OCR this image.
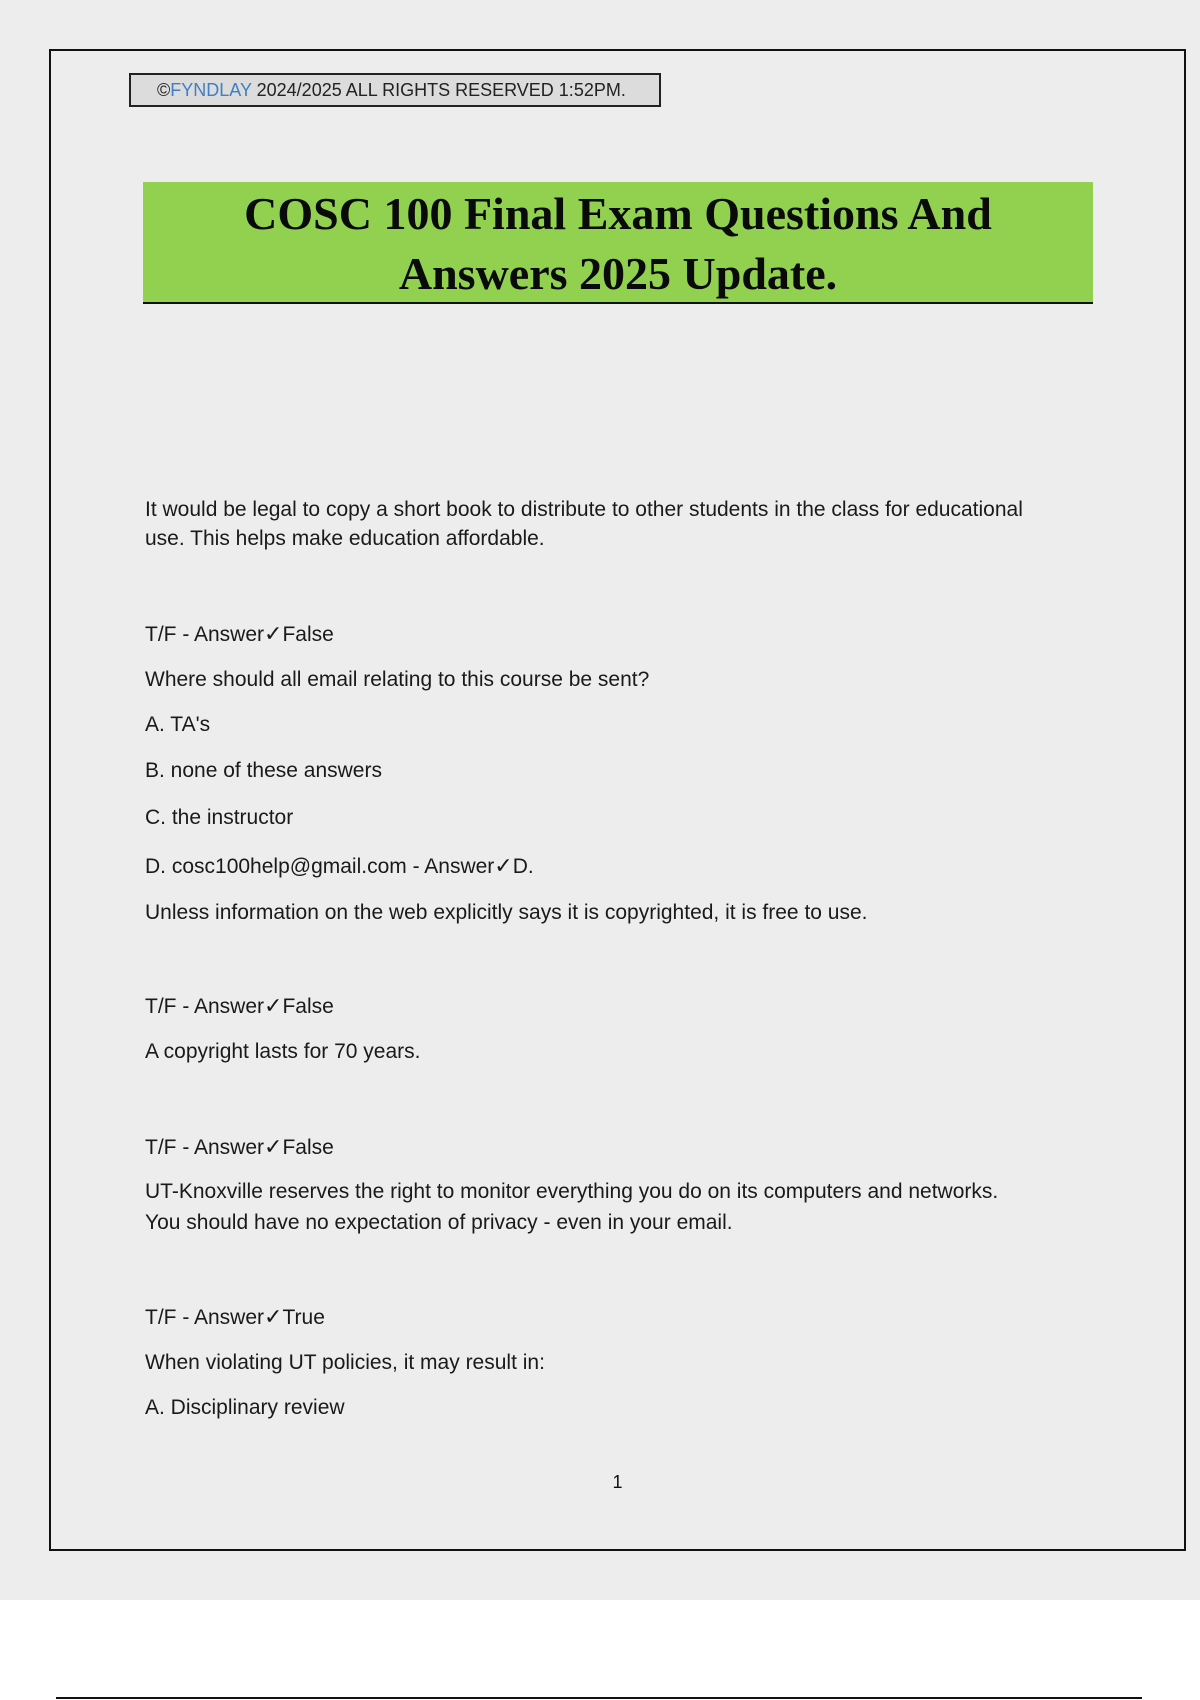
©FYNDLAY 2024/2025 ALL RIGHTS RESERVED 1:52PM.
COSC 100 Final Exam Questions And
Answers 2025 Update.
It would be legal to copy a short book to distribute to other students in the class for educational
use. This helps make education affordable.
T/F - Answer✓False
Where should all email relating to this course be sent?
A. TA's
B. none of these answers
C. the instructor
D. cosc100help@gmail.com - Answer✓D.
Unless information on the web explicitly says it is copyrighted, it is free to use.
T/F - Answer✓False
A copyright lasts for 70 years.
T/F - Answer✓False
UT-Knoxville reserves the right to monitor everything you do on its computers and networks.
You should have no expectation of privacy - even in your email.
T/F - Answer✓True
When violating UT policies, it may result in:
A. Disciplinary review
1
